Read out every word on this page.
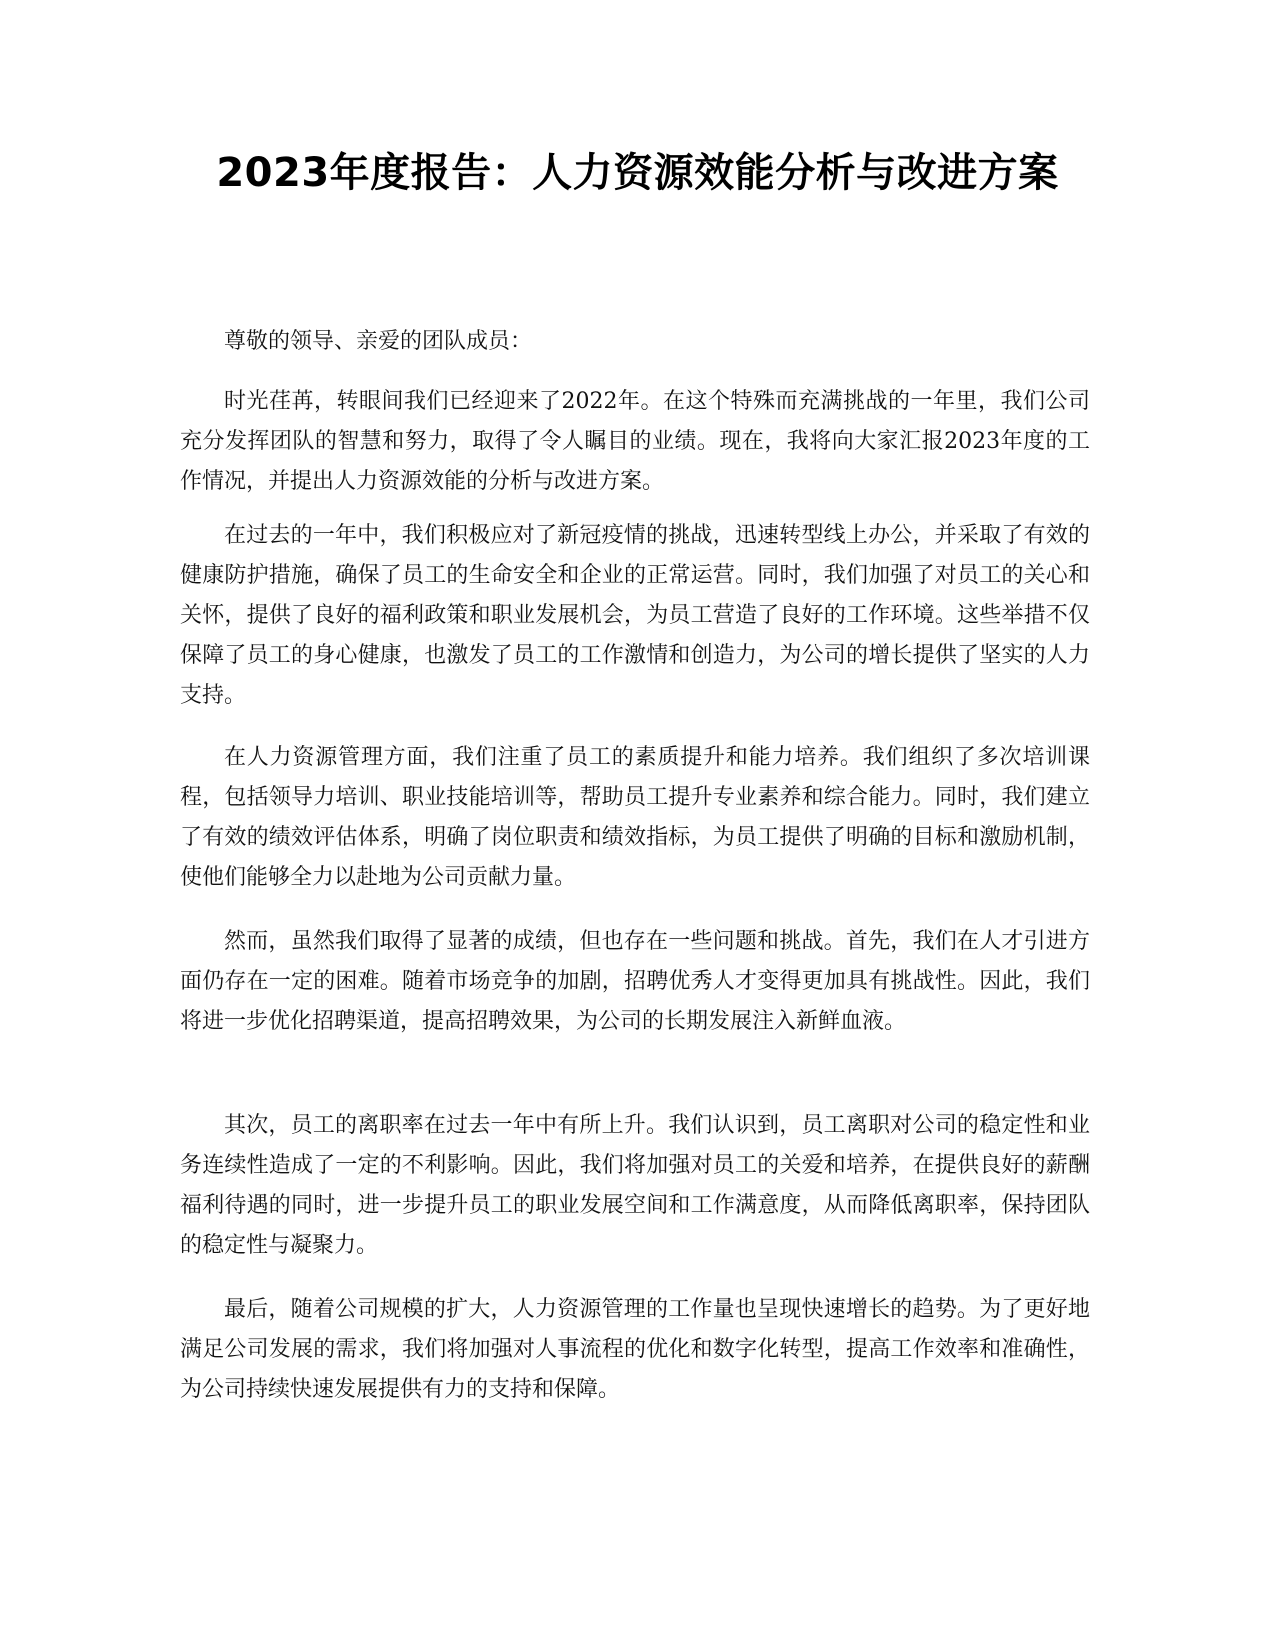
2023年度报告：人力资源效能分析与改进方案

尊敬的领导、亲爱的团队成员：

时光荏苒，转眼间我们已经迎来了2022年。在这个特殊而充满挑战的一年里，我们公司充分发挥团队的智慧和努力，取得了令人瞩目的业绩。现在，我将向大家汇报2023年度的工作情况，并提出人力资源效能的分析与改进方案。

在过去的一年中，我们积极应对了新冠疫情的挑战，迅速转型线上办公，并采取了有效的健康防护措施，确保了员工的生命安全和企业的正常运营。同时，我们加强了对员工的关心和关怀，提供了良好的福利政策和职业发展机会，为员工营造了良好的工作环境。这些举措不仅保障了员工的身心健康，也激发了员工的工作激情和创造力，为公司的增长提供了坚实的人力支持。

在人力资源管理方面，我们注重了员工的素质提升和能力培养。我们组织了多次培训课程，包括领导力培训、职业技能培训等，帮助员工提升专业素养和综合能力。同时，我们建立了有效的绩效评估体系，明确了岗位职责和绩效指标，为员工提供了明确的目标和激励机制，使他们能够全力以赴地为公司贡献力量。

然而，虽然我们取得了显著的成绩，但也存在一些问题和挑战。首先，我们在人才引进方面仍存在一定的困难。随着市场竞争的加剧，招聘优秀人才变得更加具有挑战性。因此，我们将进一步优化招聘渠道，提高招聘效果，为公司的长期发展注入新鲜血液。

其次，员工的离职率在过去一年中有所上升。我们认识到，员工离职对公司的稳定性和业务连续性造成了一定的不利影响。因此，我们将加强对员工的关爱和培养，在提供良好的薪酬福利待遇的同时，进一步提升员工的职业发展空间和工作满意度，从而降低离职率，保持团队的稳定性与凝聚力。

最后，随着公司规模的扩大，人力资源管理的工作量也呈现快速增长的趋势。为了更好地满足公司发展的需求，我们将加强对人事流程的优化和数字化转型，提高工作效率和准确性，为公司持续快速发展提供有力的支持和保障。
